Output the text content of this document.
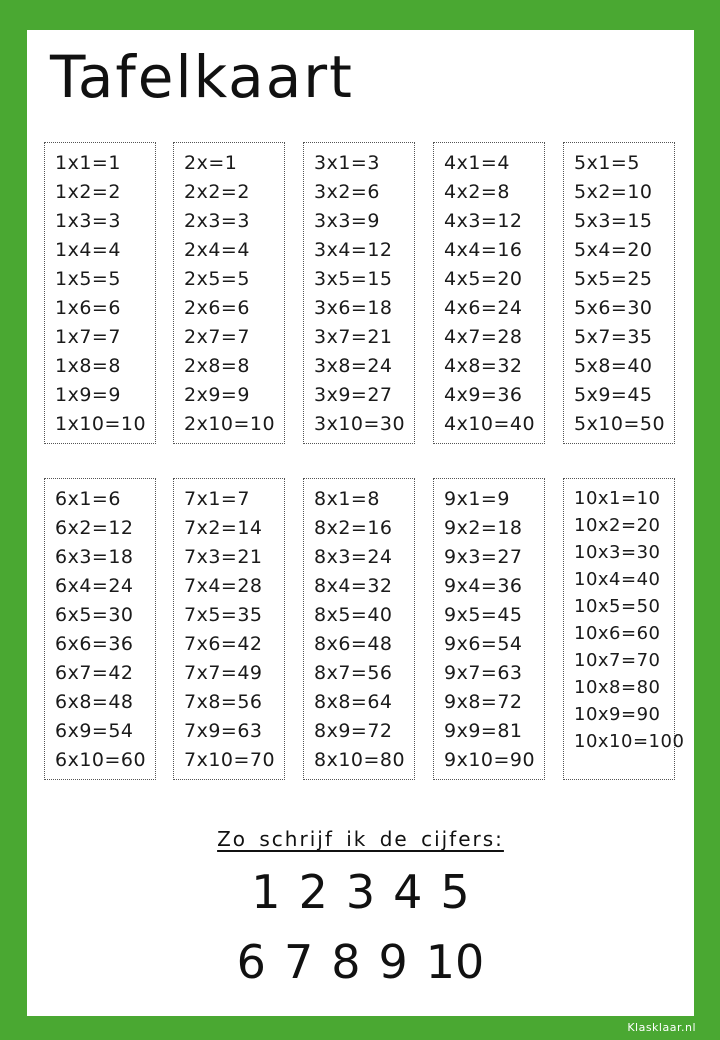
Tafelkaart
1x1=1
1x2=2
1x3=3
1x4=4
1x5=5
1x6=6
1x7=7
1x8=8
1x9=9
1x10=10
2x=1
2x2=2
2x3=3
2x4=4
2x5=5
2x6=6
2x7=7
2x8=8
2x9=9
2x10=10
3x1=3
3x2=6
3x3=9
3x4=12
3x5=15
3x6=18
3x7=21
3x8=24
3x9=27
3x10=30
4x1=4
4x2=8
4x3=12
4x4=16
4x5=20
4x6=24
4x7=28
4x8=32
4x9=36
4x10=40
5x1=5
5x2=10
5x3=15
5x4=20
5x5=25
5x6=30
5x7=35
5x8=40
5x9=45
5x10=50
6x1=6
6x2=12
6x3=18
6x4=24
6x5=30
6x6=36
6x7=42
6x8=48
6x9=54
6x10=60
7x1=7
7x2=14
7x3=21
7x4=28
7x5=35
7x6=42
7x7=49
7x8=56
7x9=63
7x10=70
8x1=8
8x2=16
8x3=24
8x4=32
8x5=40
8x6=48
8x7=56
8x8=64
8x9=72
8x10=80
9x1=9
9x2=18
9x3=27
9x4=36
9x5=45
9x6=54
9x7=63
9x8=72
9x9=81
9x10=90
10x1=10
10x2=20
10x3=30
10x4=40
10x5=50
10x6=60
10x7=70
10x8=80
10x9=90
10x10=100
Zo schrijf ik de cijfers:
1 2 3 4 5
6 7 8 9 10
Klasklaar.nl
